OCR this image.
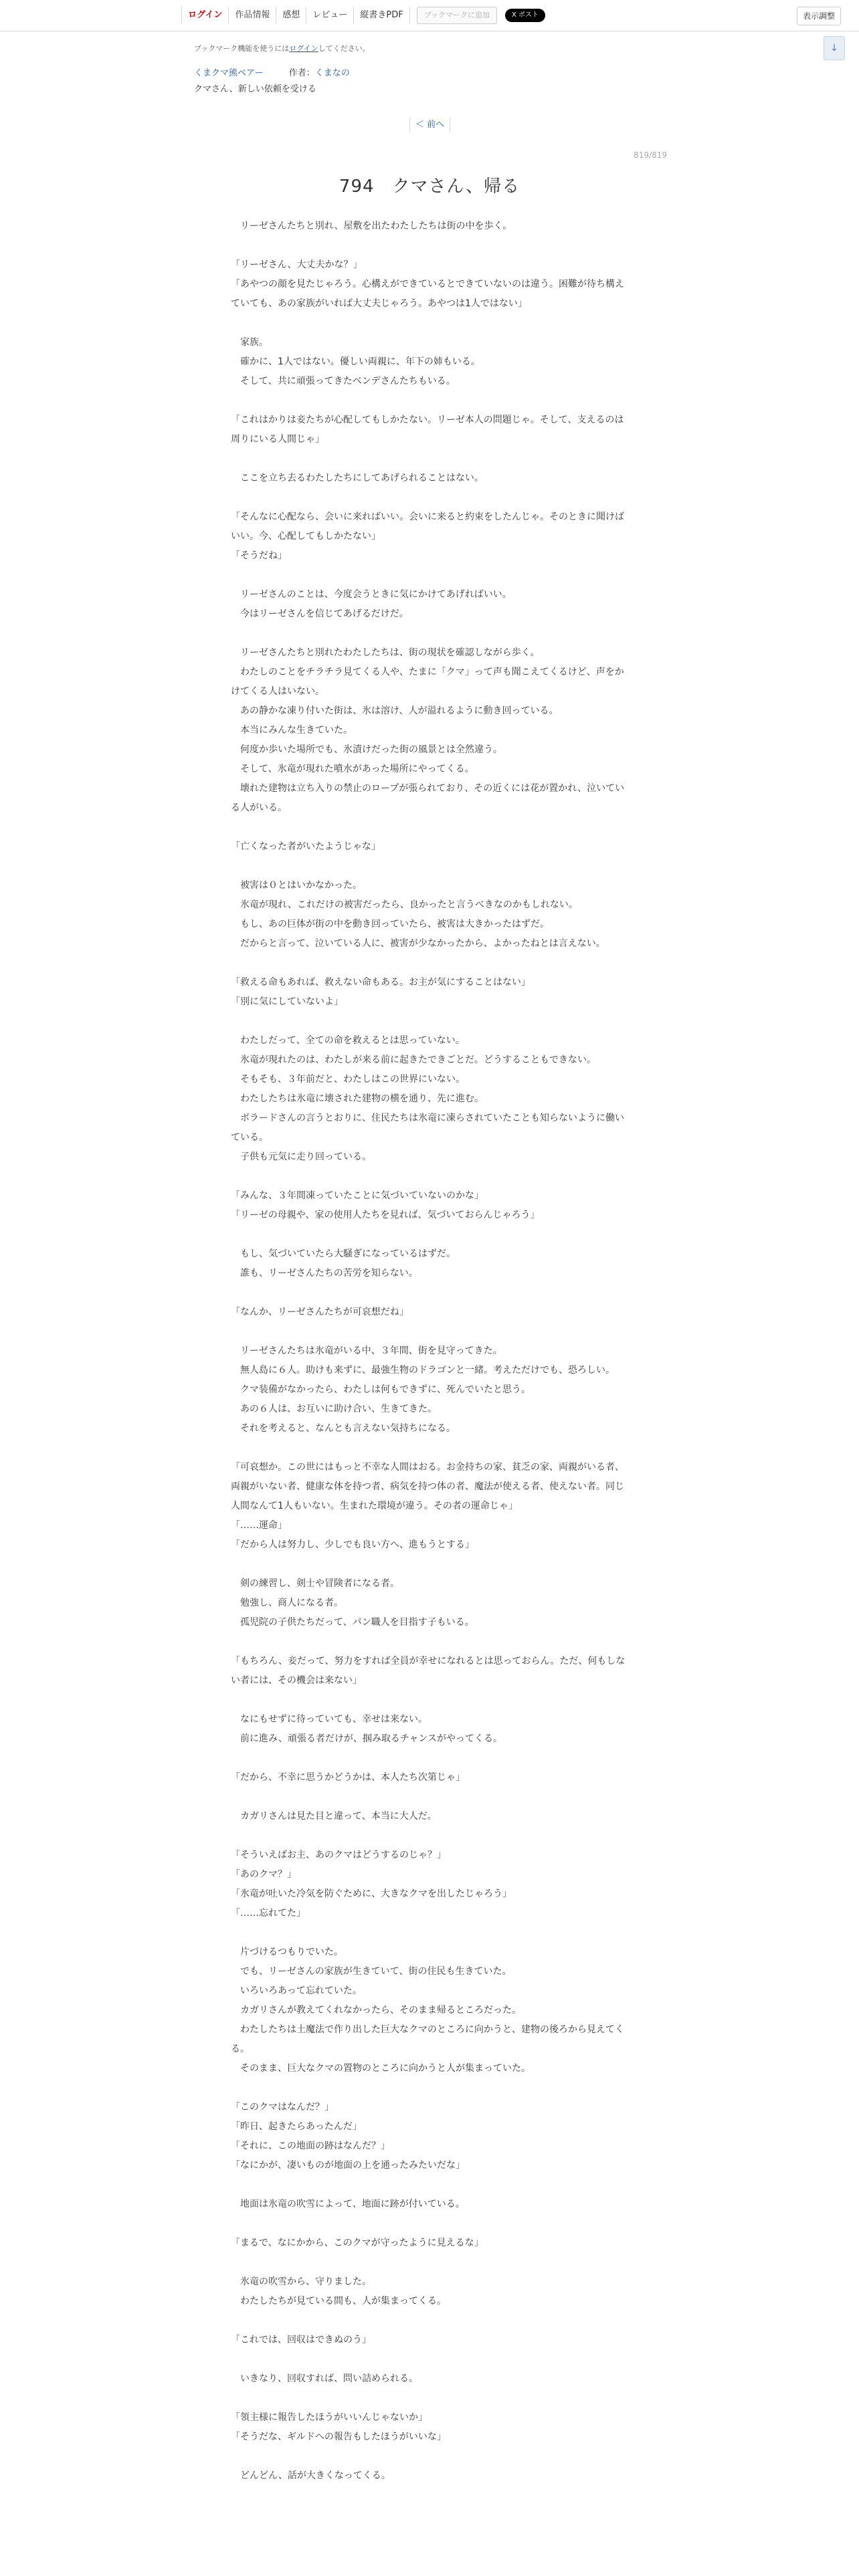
ログイン	作品情報	感想	レビュー	縦書きPDF	ブックマークに追加	X ポスト	表示調整
↓
ブックマーク機能を使うにはログインしてください。
くまクマ熊ベアー	作者：くまなの
クマさん、新しい依頼を受ける
＜ 前へ
819/819
794　クマさん、帰る

　リーゼさんたちと別れ、屋敷を出たわたしたちは街の中を歩く。

「リーゼさん、大丈夫かな？」

「あやつの顔を見たじゃろう。心構えができているとできていないのは違う。困難が待ち構えていても、あの家族がいれば大丈夫じゃろう。あやつは1人ではない」

　家族。

　確かに、1人ではない。優しい両親に、年下の姉もいる。

　そして、共に頑張ってきたベンデさんたちもいる。

「これはかりは妾たちが心配してもしかたない。リーゼ本人の問題じゃ。そして、支えるのは周りにいる人間じゃ」

　ここを立ち去るわたしたちにしてあげられることはない。

「そんなに心配なら、会いに来ればいい。会いに来ると約束をしたんじゃ。そのときに聞けばいい。今、心配してもしかたない」

「そうだね」

　リーゼさんのことは、今度会うときに気にかけてあげればいい。

　今はリーゼさんを信じてあげるだけだ。

　リーゼさんたちと別れたわたしたちは、街の現状を確認しながら歩く。

　わたしのことをチラチラ見てくる人や、たまに「クマ」って声も聞こえてくるけど、声をかけてくる人はいない。

　あの静かな凍り付いた街は、氷は溶け、人が溢れるように動き回っている。

　本当にみんな生きていた。

　何度か歩いた場所でも、氷漬けだった街の風景とは全然違う。

　そして、氷竜が現れた噴水があった場所にやってくる。

　壊れた建物は立ち入りの禁止のロープが張られており、その近くには花が置かれ、泣いている人がいる。

「亡くなった者がいたようじゃな」

　被害は０とはいかなかった。

　氷竜が現れ、これだけの被害だったら、良かったと言うべきなのかもしれない。

　もし、あの巨体が街の中を動き回っていたら、被害は大きかったはずだ。

　だからと言って、泣いている人に、被害が少なかったから、よかったねとは言えない。

「救える命もあれば、救えない命もある。お主が気にすることはない」

「別に気にしていないよ」

　わたしだって、全ての命を救えるとは思っていない。

　氷竜が現れたのは、わたしが来る前に起きたできごとだ。どうすることもできない。

　そもそも、３年前だと、わたしはこの世界にいない。

　わたしたちは氷竜に壊された建物の横を通り、先に進む。

　ボラードさんの言うとおりに、住民たちは氷竜に凍らされていたことも知らないように働いている。

　子供も元気に走り回っている。

「みんな、３年間凍っていたことに気づいていないのかな」

「リーゼの母親や、家の使用人たちを見れば、気づいておらんじゃろう」

　もし、気づいていたら大騒ぎになっているはずだ。

　誰も、リーゼさんたちの苦労を知らない。

「なんか、リーゼさんたちが可哀想だね」

　リーゼさんたちは氷竜がいる中、３年間、街を見守ってきた。

　無人島に６人。助けも来ずに、最強生物のドラゴンと一緒。考えただけでも、恐ろしい。

　クマ装備がなかったら、わたしは何もできずに、死んでいたと思う。

　あの６人は、お互いに助け合い、生きてきた。

　それを考えると、なんとも言えない気持ちになる。

「可哀想か。この世にはもっと不幸な人間はおる。お金持ちの家、貧乏の家、両親がいる者、両親がいない者、健康な体を持つ者、病気を持つ体の者、魔法が使える者、使えない者。同じ人間なんて1人もいない。生まれた環境が違う。その者の運命じゃ」

「……運命」

「だから人は努力し、少しでも良い方へ、進もうとする」

　剣の練習し、剣士や冒険者になる者。

　勉強し、商人になる者。

　孤児院の子供たちだって、パン職人を目指す子もいる。

「もちろん、妾だって、努力をすれば全員が幸せになれるとは思っておらん。ただ、何もしない者には、その機会は来ない」

　なにもせずに待っていても、幸せは来ない。

　前に進み、頑張る者だけが、掴み取るチャンスがやってくる。

「だから、不幸に思うかどうかは、本人たち次第じゃ」

　カガリさんは見た目と違って、本当に大人だ。

「そういえばお主、あのクマはどうするのじゃ？」

「あのクマ？」

「氷竜が吐いた冷気を防ぐために、大きなクマを出したじゃろう」

「……忘れてた」

　片づけるつもりでいた。

　でも、リーゼさんの家族が生きていて、街の住民も生きていた。

　いろいろあって忘れていた。

　カガリさんが教えてくれなかったら、そのまま帰るところだった。

　わたしたちは土魔法で作り出した巨大なクマのところに向かうと、建物の後ろから見えてくる。

　そのまま、巨大なクマの置物のところに向かうと人が集まっていた。

「このクマはなんだ？」

「昨日、起きたらあったんだ」

「それに、この地面の跡はなんだ？」

「なにかが、凄いものが地面の上を通ったみたいだな」

　地面は氷竜の吹雪によって、地面に跡が付いている。

「まるで、なにかから、このクマが守ったように見えるな」

　氷竜の吹雪から、守りました。

　わたしたちが見ている間も、人が集まってくる。

「これでは、回収はできぬのう」

　いきなり、回収すれば、問い詰められる。

「領主様に報告したほうがいいんじゃないか」

「そうだな、ギルドへの報告もしたほうがいいな」

　どんどん、話が大きくなってくる。
